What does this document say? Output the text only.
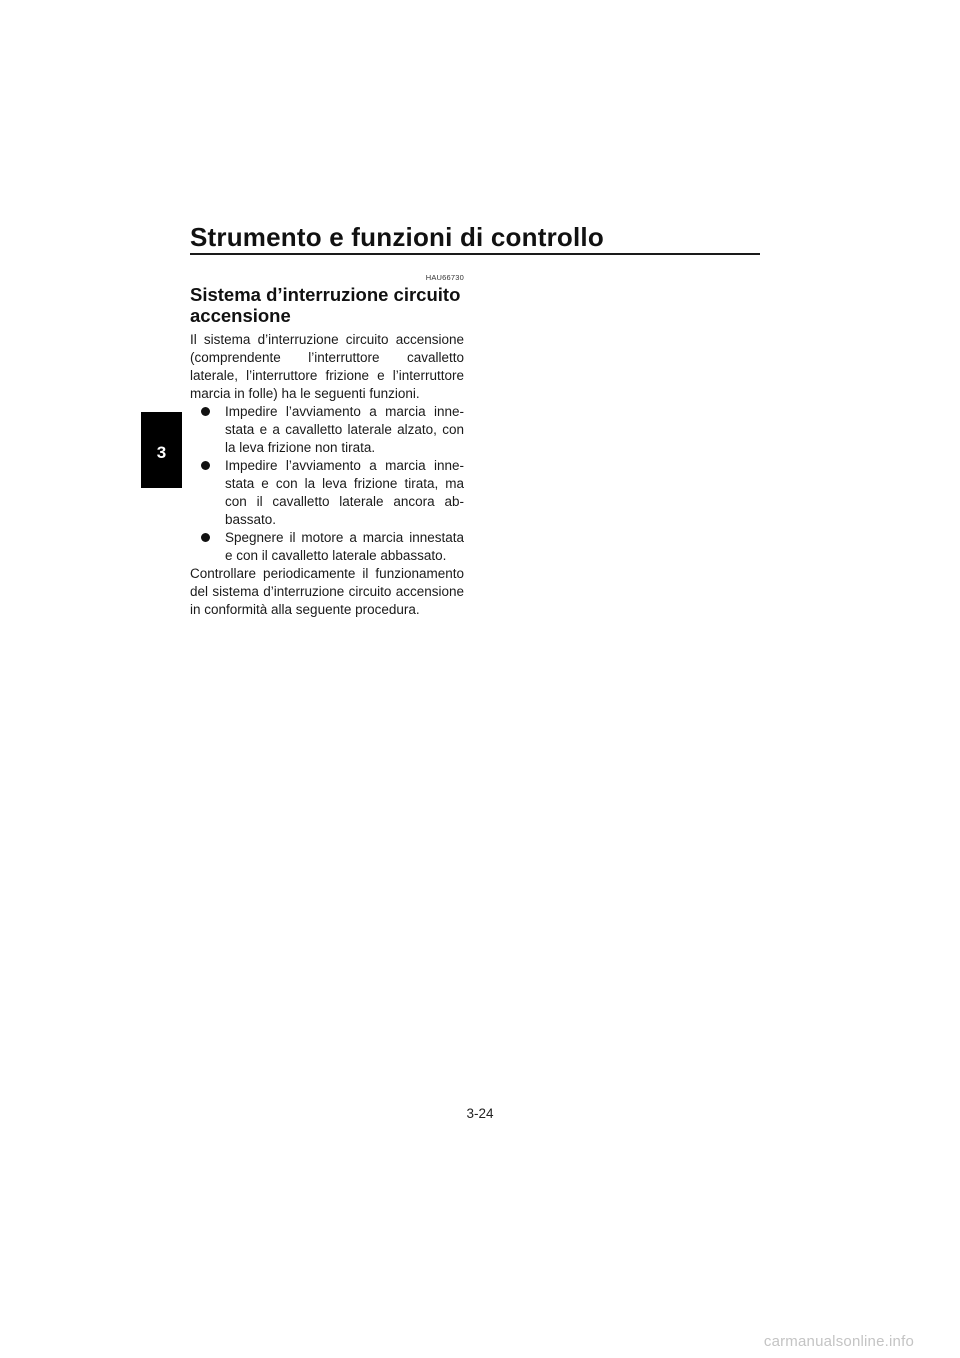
Strumento e funzioni di controllo
3
HAU66730
Sistema d’interruzione circuito accensione

Il sistema d’interruzione circuito accensione (comprendente l’interruttore cavalletto laterale, l’interruttore frizione e l’interruttore marcia in folle) ha le seguenti funzioni.

Impedire l’avviamento a marcia innestata e a cavalletto laterale alzato, con la leva frizione non tirata.
Impedire l’avviamento a marcia innestata e con la leva frizione tirata, ma con il cavalletto laterale ancora abbassato.
Spegnere il motore a marcia innestata e con il cavalletto laterale abbassato.

Controllare periodicamente il funzionamento del sistema d’interruzione circuito accensione in conformità alla seguente procedura.

3-24
carmanualsonline.info
